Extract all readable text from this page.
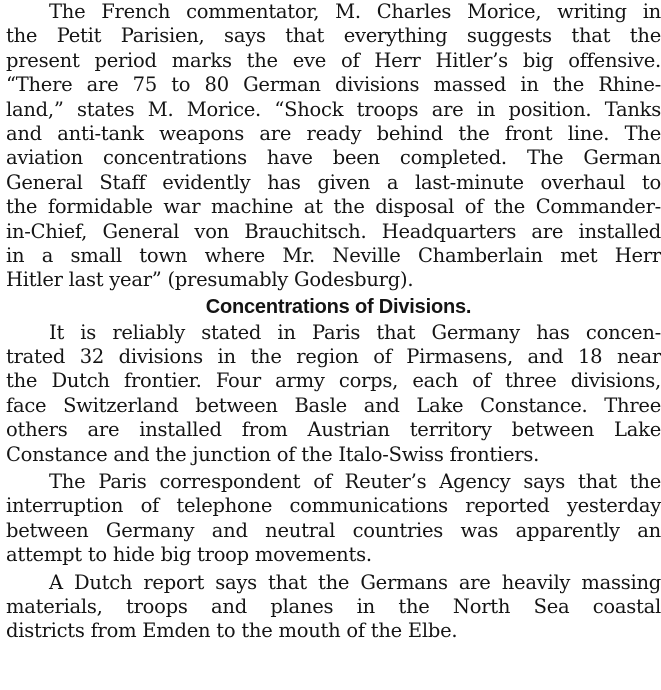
The French commentator, M. Charles Morice, writing in
the Petit Parisien, says that everything suggests that the
present period marks the eve of Herr Hitler’s big offensive.
“There are 75 to 80 German divisions massed in the Rhine-
land,” states M. Morice. “Shock troops are in position. Tanks
and anti-tank weapons are ready behind the front line. The
aviation concentrations have been completed. The German
General Staff evidently has given a last-minute overhaul to
the formidable war machine at the disposal of the Commander-
in-Chief, General von Brauchitsch. Headquarters are installed
in a small town where Mr. Neville Chamberlain met Herr
Hitler last year” (presumably Godesburg).
Concentrations of Divisions.
It is reliably stated in Paris that Germany has concen-
trated 32 divisions in the region of Pirmasens, and 18 near
the Dutch frontier. Four army corps, each of three divisions,
face Switzerland between Basle and Lake Constance. Three
others are installed from Austrian territory between Lake
Constance and the junction of the Italo-Swiss frontiers.
The Paris correspondent of Reuter’s Agency says that the
interruption of telephone communications reported yesterday
between Germany and neutral countries was apparently an
attempt to hide big troop movements.
A Dutch report says that the Germans are heavily massing
materials, troops and planes in the North Sea coastal
districts from Emden to the mouth of the Elbe.
